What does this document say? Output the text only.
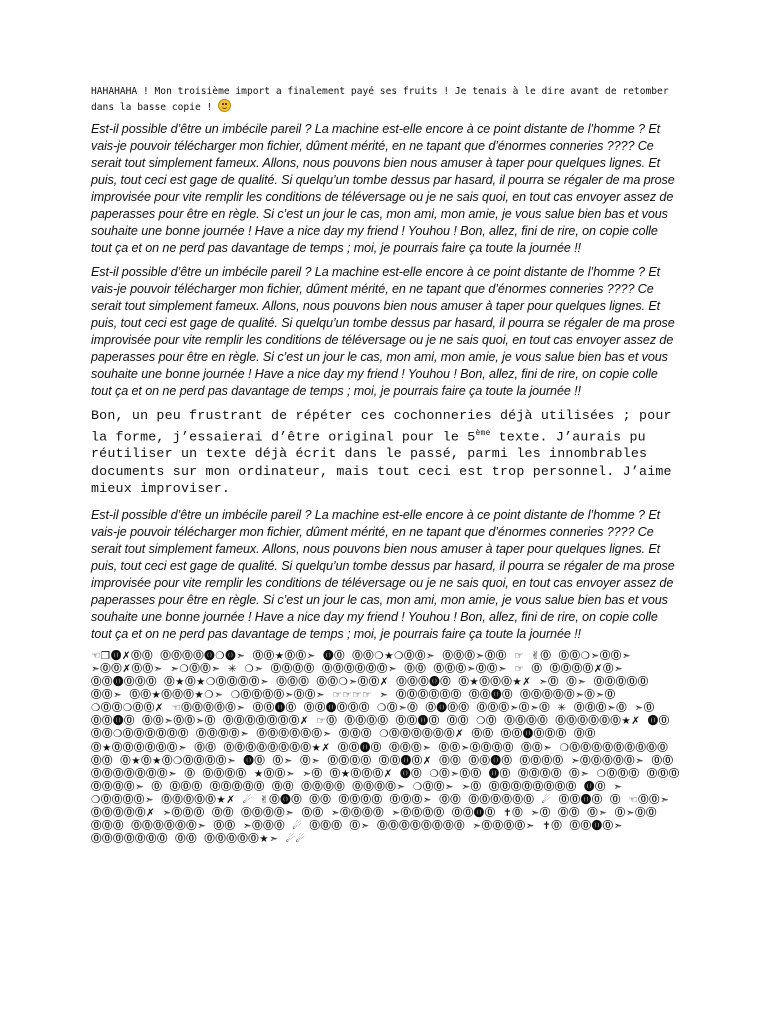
HAHAHAHA ! Mon troisième import a finalement payé ses fruits ! Je tenais à le dire avant de retomber dans la basse copie !

Est-il possible d’être un imbécile pareil ? La machine est-elle encore à ce point distante de l’homme ? Et vais-je pouvoir télécharger mon fichier, dûment mérité, en ne tapant que d’énormes conneries ???? Ce serait tout simplement fameux. Allons, nous pouvons bien nous amuser à taper pour quelques lignes. Et puis, tout ceci est gage de qualité. Si quelqu’un tombe dessus par hasard, il pourra se régaler de ma prose improvisée pour vite remplir les conditions de téléversage ou je ne sais quoi, en tout cas envoyer assez de paperasses pour être en règle. Si c’est un jour le cas, mon ami, mon amie, je vous salue bien bas et vous souhaite une bonne journée ! Have a nice day my friend ! Youhou ! Bon, allez, fini de rire, on copie colle tout ça et on ne perd pas davantage de temps ; moi, je pourrais faire ça toute la journée !!

Est-il possible d’être un imbécile pareil ? La machine est-elle encore à ce point distante de l’homme ? Et vais-je pouvoir télécharger mon fichier, dûment mérité, en ne tapant que d’énormes conneries ???? Ce serait tout simplement fameux. Allons, nous pouvons bien nous amuser à taper pour quelques lignes. Et puis, tout ceci est gage de qualité. Si quelqu’un tombe dessus par hasard, il pourra se régaler de ma prose improvisée pour vite remplir les conditions de téléversage ou je ne sais quoi, en tout cas envoyer assez de paperasses pour être en règle. Si c’est un jour le cas, mon ami, mon amie, je vous salue bien bas et vous souhaite une bonne journée ! Have a nice day my friend ! Youhou ! Bon, allez, fini de rire, on copie colle tout ça et on ne perd pas davantage de temps ; moi, je pourrais faire ça toute la journée !!

Bon, un peu frustrant de répéter ces cochonneries déjà utilisées ; pour la forme, j’essaierai d’être original pour le 5ème texte. J’aurais pu réutiliser un texte déjà écrit dans le passé, parmi les innombrables documents sur mon ordinateur, mais tout ceci est trop personnel. J’aime mieux improviser.

Est-il possible d’être un imbécile pareil ? La machine est-elle encore à ce point distante de l’homme ? Et vais-je pouvoir télécharger mon fichier, dûment mérité, en ne tapant que d’énormes conneries ???? Ce serait tout simplement fameux. Allons, nous pouvons bien nous amuser à taper pour quelques lignes. Et puis, tout ceci est gage de qualité. Si quelqu’un tombe dessus par hasard, il pourra se régaler de ma prose improvisée pour vite remplir les conditions de téléversage ou je ne sais quoi, en tout cas envoyer assez de paperasses pour être en règle. Si c’est un jour le cas, mon ami, mon amie, je vous salue bien bas et vous souhaite une bonne journée ! Have a nice day my friend ! Youhou ! Bon, allez, fini de rire, on copie colle tout ça et on ne perd pas davantage de temps ; moi, je pourrais faire ça toute la journée !!

☜❒⓿✗⓪⓪ ⓪⓪⓪⓪⓿❍⓿➣ ⓪⓪★⓪⓪➣ ⓿⓪ ⓪⓪❍★❍⓪⓪➣ ⓪⓪⓪➣⓪⓪ ☞ ✌⓪ ⓪⓪❍➣⓪⓪➣ ➣⓪⓪✗⓪⓪➣ ➣❍⓪⓪➣ ✳ ❍➣ ⓪⓪⓪⓪ ⓪⓪⓪⓪⓪⓪➣ ⓪⓪ ⓪⓪⓪➣⓪⓪➣ ☞ ⓪ ⓪⓪⓪⓪✗⓪➣ ⓪⓪⓿⓪⓪⓪ ⓪★⓪★❍⓪⓪⓪⓪➣ ⓪⓪⓪ ⓪⓪❍➣⓪⓪✗ ⓪⓪⓪⓿⓪ ⓪★⓪⓪⓪★✗ ➣⓪ ⓪➣ ⓪⓪⓪⓪⓪ ⓪⓪➣ ⓪⓪★⓪⓪⓪★❍➣ ❍⓪⓪⓪⓪➣⓪⓪➣ ☞☞☞☞ ➣ ⓪⓪⓪⓪⓪⓪ ⓪⓪⓿⓪ ⓪⓪⓪⓪⓪➣⓪➣⓪ ❍⓪⓪❍⓪⓪✗ ☜⓪⓪⓪⓪⓪➣ ⓪⓪⓿⓪ ⓪⓪⓿⓪⓪⓪ ❍⓪➣⓪ ⓪⓿⓪⓪ ⓪⓪⓪➣⓪➣⓪ ✳ ⓪⓪⓪➣⓪ ➣⓪ ⓪⓪⓿⓪ ⓪⓪➣⓪⓪➣⓪ ⓪⓪⓪⓪⓪⓪⓪✗ ☞⓪ ⓪⓪⓪⓪ ⓪⓪⓿⓪ ⓪⓪ ❍⓪ ⓪⓪⓪⓪ ⓪⓪⓪⓪⓪⓪★✗ ⓿⓪ ⓪⓪❍⓪⓪⓪⓪⓪⓪ ⓪⓪⓪⓪➣ ⓪⓪⓪⓪⓪⓪➣ ⓪⓪⓪ ❍⓪⓪⓪⓪⓪⓪✗ ⓪⓪ ⓪⓪⓿⓪⓪⓪ ⓪⓪ ⓪★⓪⓪⓪⓪⓪⓪➣ ⓪⓪ ⓪⓪⓪⓪⓪⓪⓪⓪★✗ ⓪⓪⓿⓪ ⓪⓪⓪➣ ⓪⓪➣⓪⓪⓪⓪ ⓪⓪➣ ❍⓪⓪⓪⓪⓪⓪⓪⓪⓪ ⓪⓪ ⓪★⓪★⓪❍⓪⓪⓪⓪➣ ⓿⓪ ⓪➣ ⓪➣ ⓪⓪⓪⓪ ⓪⓪⓿⓪✗ ⓪⓪ ⓪⓪⓿⓪ ⓪⓪⓪⓪ ➣⓪⓪⓪⓪⓪➣ ⓪⓪ ⓪⓪⓪⓪⓪⓪⓪➣ ⓪ ⓪⓪⓪⓪ ★⓪⓪➣ ➣⓪ ⓪★⓪⓪⓪✗ ⓿⓪ ❍⓪➣⓪⓪ ⓿⓪ ⓪⓪⓪⓪ ⓪➣ ❍⓪⓪⓪ ⓪⓪⓪ ⓪⓪⓪⓪➣ ⓪ ⓪⓪⓪ ⓪⓪⓪⓪⓪ ⓪⓪ ⓪⓪⓪⓪ ⓪⓪⓪⓪➣ ❍⓪⓪➣ ➣⓪ ⓪⓪⓪⓪⓪⓪⓪⓪ ⓿⓪ ➣ ❍⓪⓪⓪⓪➣ ⓪⓪⓪⓪⓪★✗ ☄ ✌⓪⓿⓪ ⓪⓪ ⓪⓪⓪⓪ ⓪⓪⓪➣ ⓪⓪ ⓪⓪⓪⓪⓪⓪ ☄ ⓪⓪⓿⓪ ⓪ ☜⓪⓪➣ ⓪⓪⓪⓪⓪✗ ➣⓪⓪⓪ ⓪⓪ ⓪⓪⓪⓪➣ ⓪⓪ ➣⓪⓪⓪⓪ ➣⓪⓪⓪⓪ ⓪⓪⓿⓪ ✝⓪ ➣⓪ ⓪⓪ ⓪➣ ⓪➣⓪⓪ ⓪⓪⓪ ⓪⓪⓪⓪⓪⓪➣ ⓪⓪ ➣⓪⓪⓪ ☄ ⓪⓪⓪ ⓪➣ ⓪⓪⓪⓪⓪⓪⓪⓪ ➣⓪⓪⓪⓪➣ ✝⓪ ⓪⓪⓿⓪➣ ⓪⓪⓪⓪⓪⓪⓪ ⓪⓪ ⓪⓪⓪⓪⓪★➣ ☄☄
